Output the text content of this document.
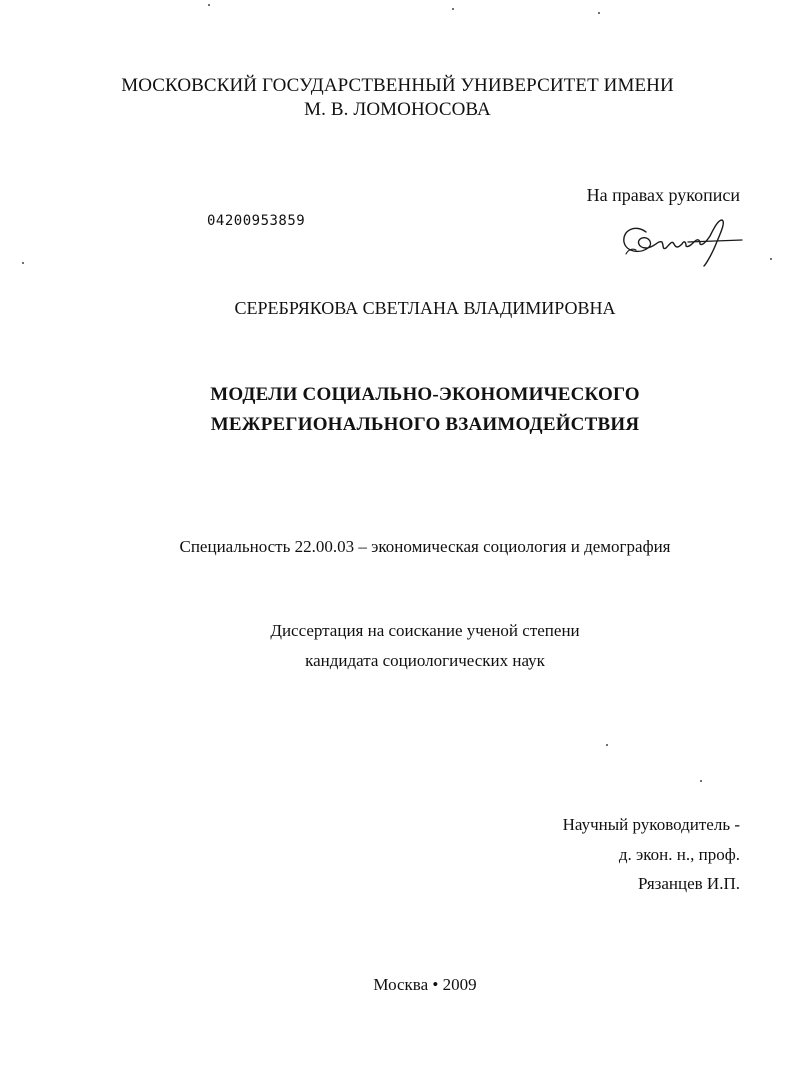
МОСКОВСКИЙ ГОСУДАРСТВЕННЫЙ УНИВЕРСИТЕТ ИМЕНИ
М. В. ЛОМОНОСОВА
На правах рукописи
04200953859
СЕРЕБРЯКОВА СВЕТЛАНА ВЛАДИМИРОВНА
МОДЕЛИ СОЦИАЛЬНО-ЭКОНОМИЧЕСКОГО
МЕЖРЕГИОНАЛЬНОГО ВЗАИМОДЕЙСТВИЯ
Специальность 22.00.03 – экономическая социология и демография
Диссертация на соискание ученой степени
кандидата социологических наук
Научный руководитель -
д. экон. н., проф.
Рязанцев И.П.
Москва • 2009
